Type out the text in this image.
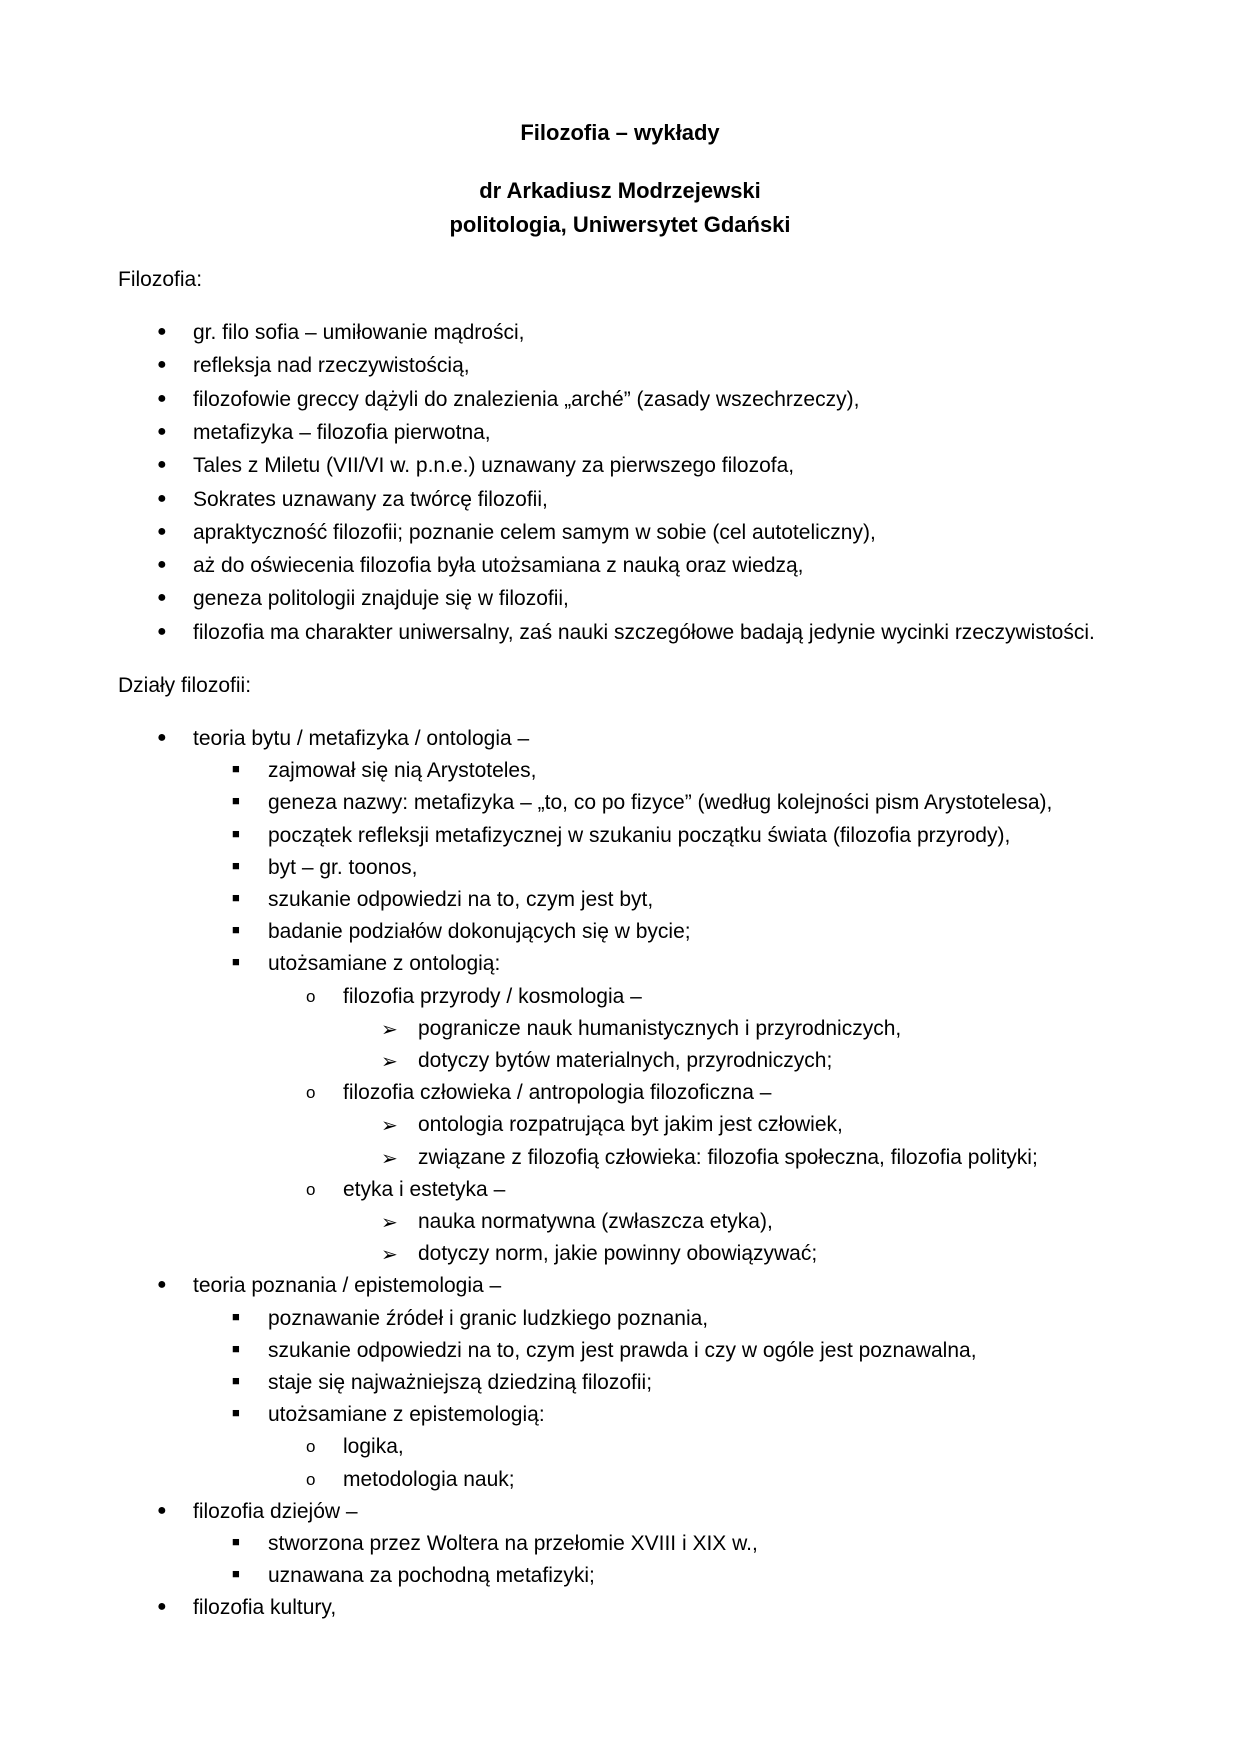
Filozofia – wykłady
dr Arkadiusz Modrzejewski
politologia, Uniwersytet Gdański
Filozofia:
Działy filozofii:
● gr. filo sofia – umiłowanie mądrości,
● refleksja nad rzeczywistością,
● filozofowie greccy dążyli do znalezienia „arché” (zasady wszechrzeczy),
● metafizyka – filozofia pierwotna,
● Tales z Miletu (VII/VI w. p.n.e.) uznawany za pierwszego filozofa,
● Sokrates uznawany za twórcę filozofii,
● apraktyczność filozofii; poznanie celem samym w sobie (cel autoteliczny),
● aż do oświecenia filozofia była utożsamiana z nauką oraz wiedzą,
● geneza politologii znajduje się w filozofii,
● filozofia ma charakter uniwersalny, zaś nauki szczegółowe badają jedynie wycinki rzeczywistości.
● teoria bytu / metafizyka / ontologia –
■ zajmował się nią Arystoteles,
■ geneza nazwy: metafizyka – „to, co po fizyce” (według kolejności pism Arystotelesa),
■ początek refleksji metafizycznej w szukaniu początku świata (filozofia przyrody),
■ byt – gr. toonos,
■ szukanie odpowiedzi na to, czym jest byt,
■ badanie podziałów dokonujących się w bycie;
■ utożsamiane z ontologią:
o filozofia przyrody / kosmologia –
➢ pogranicze nauk humanistycznych i przyrodniczych,
➢ dotyczy bytów materialnych, przyrodniczych;
o filozofia człowieka / antropologia filozoficzna –
➢ ontologia rozpatrująca byt jakim jest człowiek,
➢ związane z filozofią człowieka: filozofia społeczna, filozofia polityki;
o etyka i estetyka –
➢ nauka normatywna (zwłaszcza etyka),
➢ dotyczy norm, jakie powinny obowiązywać;
● teoria poznania / epistemologia –
■ poznawanie źródeł i granic ludzkiego poznania,
■ szukanie odpowiedzi na to, czym jest prawda i czy w ogóle jest poznawalna,
■ staje się najważniejszą dziedziną filozofii;
■ utożsamiane z epistemologią:
o logika,
o metodologia nauk;
● filozofia dziejów –
■ stworzona przez Woltera na przełomie XVIII i XIX w.,
■ uznawana za pochodną metafizyki;
● filozofia kultury,
